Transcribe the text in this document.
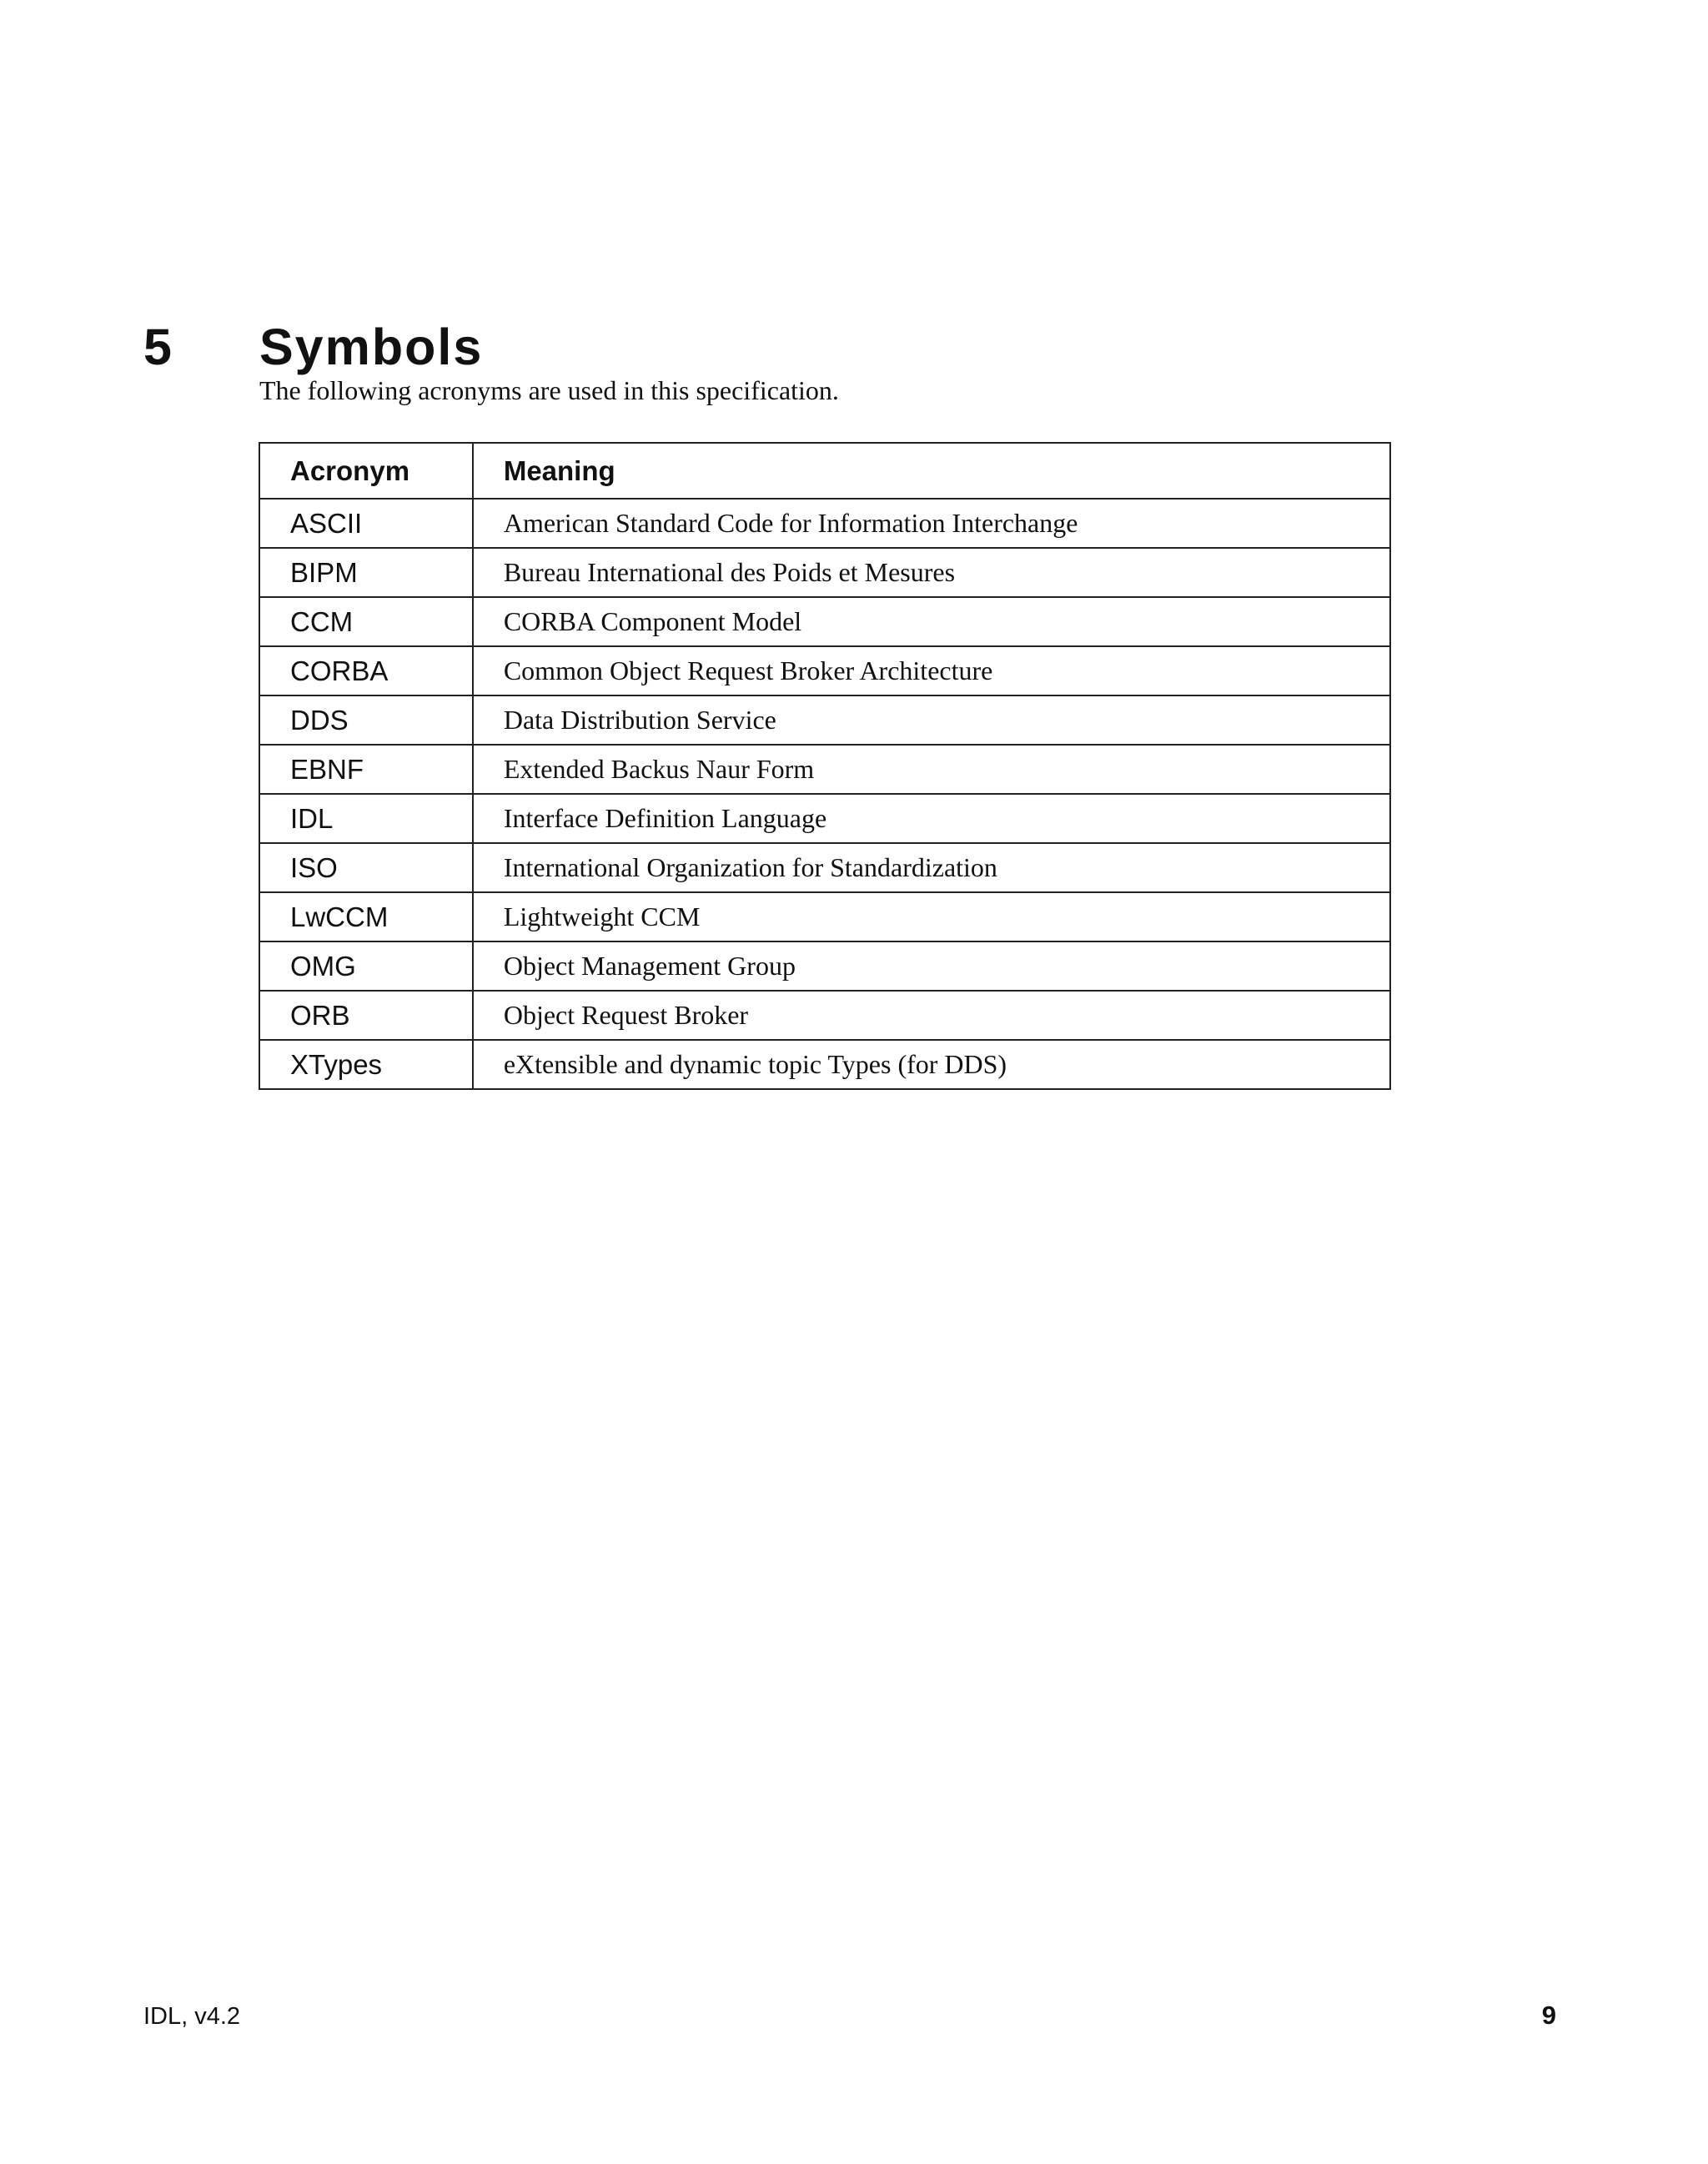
5	Symbols

The following acronyms are used in this specification.

Acronym	Meaning
ASCII	American Standard Code for Information Interchange
BIPM	Bureau International des Poids et Mesures
CCM	CORBA Component Model
CORBA	Common Object Request Broker Architecture
DDS	Data Distribution Service
EBNF	Extended Backus Naur Form
IDL	Interface Definition Language
ISO	International Organization for Standardization
LwCCM	Lightweight CCM
OMG	Object Management Group
ORB	Object Request Broker
XTypes	eXtensible and dynamic topic Types (for DDS)
IDL, v4.2	9
